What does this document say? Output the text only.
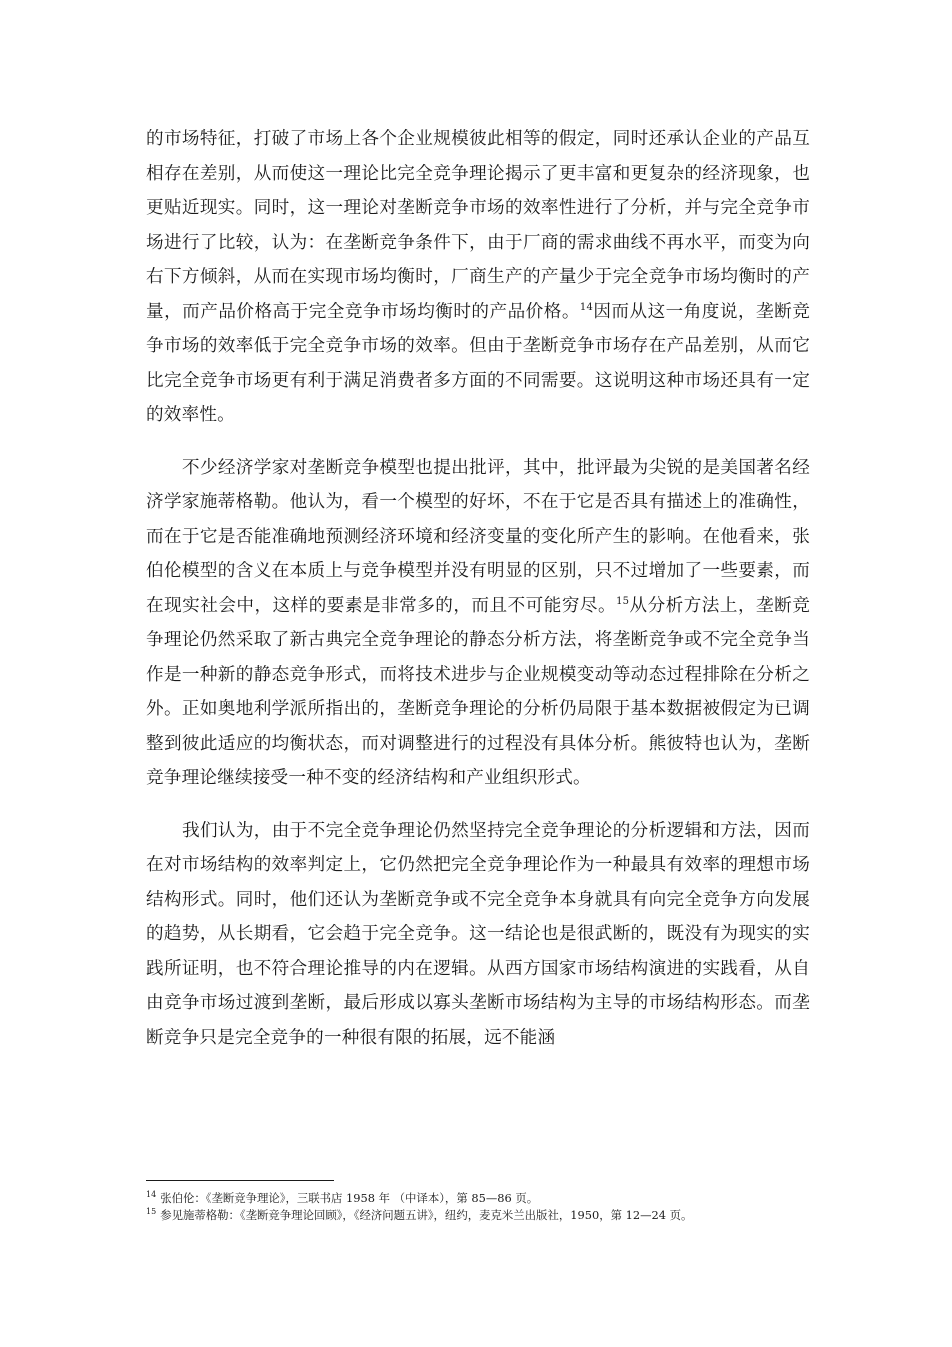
的市场特征，打破了市场上各个企业规模彼此相等的假定，同时还承认企业的产品互相存在差别，从而使这一理论比完全竞争理论揭示了更丰富和更复杂的经济现象，也更贴近现实。同时，这一理论对垄断竞争市场的效率性进行了分析，并与完全竞争市场进行了比较，认为：在垄断竞争条件下，由于厂商的需求曲线不再水平，而变为向右下方倾斜，从而在实现市场均衡时，厂商生产的产量少于完全竞争市场均衡时的产量，而产品价格高于完全竞争市场均衡时的产品价格。$^{14}$因而从这一角度说，垄断竞争市场的效率低于完全竞争市场的效率。但由于垄断竞争市场存在产品差别，从而它比完全竞争市场更有利于满足消费者多方面的不同需要。这说明这种市场还具有一定的效率性。

不少经济学家对垄断竞争模型也提出批评，其中，批评最为尖锐的是美国著名经济学家施蒂格勒。他认为，看一个模型的好坏，不在于它是否具有描述上的准确性，而在于它是否能准确地预测经济环境和经济变量的变化所产生的影响。在他看来，张伯伦模型的含义在本质上与竞争模型并没有明显的区别，只不过增加了一些要素，而在现实社会中，这样的要素是非常多的，而且不可能穷尽。$^{15}$从分析方法上，垄断竞争理论仍然采取了新古典完全竞争理论的静态分析方法，将垄断竞争或不完全竞争当作是一种新的静态竞争形式，而将技术进步与企业规模变动等动态过程排除在分析之外。正如奥地利学派所指出的，垄断竞争理论的分析仍局限于基本数据被假定为已调整到彼此适应的均衡状态，而对调整进行的过程没有具体分析。熊彼特也认为，垄断竞争理论继续接受一种不变的经济结构和产业组织形式。

我们认为，由于不完全竞争理论仍然坚持完全竞争理论的分析逻辑和方法，因而在对市场结构的效率判定上，它仍然把完全竞争理论作为一种最具有效率的理想市场结构形式。同时，他们还认为垄断竞争或不完全竞争本身就具有向完全竞争方向发展的趋势，从长期看，它会趋于完全竞争。这一结论也是很武断的，既没有为现实的实践所证明，也不符合理论推导的内在逻辑。从西方国家市场结构演进的实践看，从自由竞争市场过渡到垄断，最后形成以寡头垄断市场结构为主导的市场结构形态。而垄断竞争只是完全竞争的一种很有限的拓展，远不能涵

$^{14}$ 张伯伦：《垄断竞争理论》，三联书店 1958 年 （中译本），第 85—86 页。

$^{15}$ 参见施蒂格勒：《垄断竞争理论回顾》，《经济问题五讲》，纽约，麦克米兰出版社，1950，第 12—24 页。
